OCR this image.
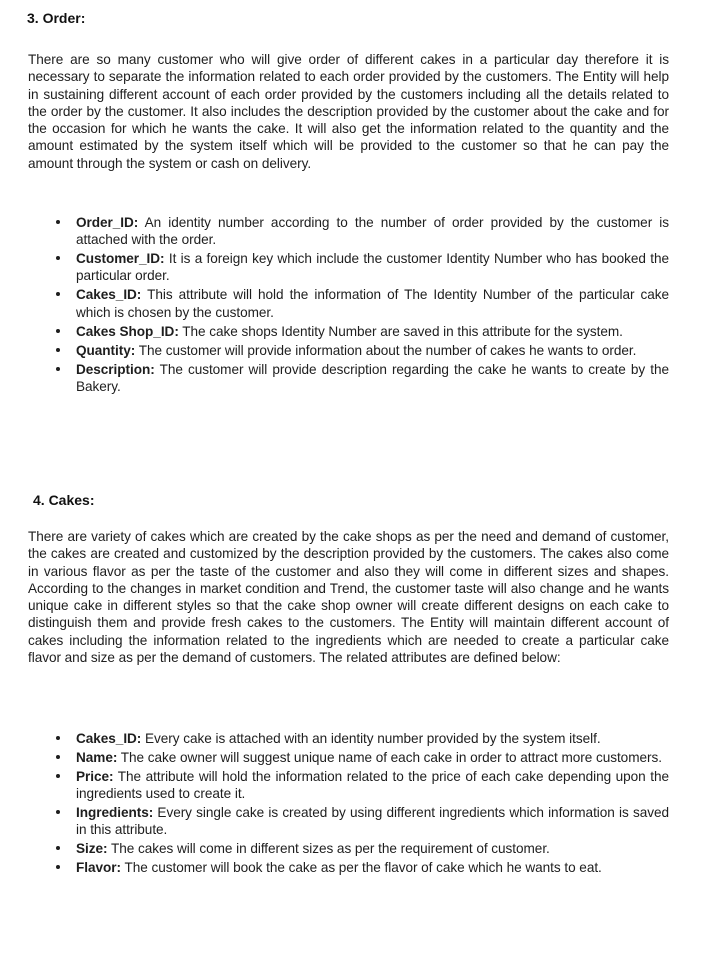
3. Order:

There are so many customer who will give order of different cakes in a particular day therefore it is necessary to separate the information related to each order provided by the customers. The Entity will help in sustaining different account of each order provided by the customers including all the details related to the order by the customer. It also includes the description provided by the customer about the cake and for the occasion for which he wants the cake. It will also get the information related to the quantity and the amount estimated by the system itself which will be provided to the customer so that he can pay the amount through the system or cash on delivery.

Order_ID: An identity number according to the number of order provided by the customer is attached with the order.
Customer_ID: It is a foreign key which include the customer Identity Number who has booked the particular order.
Cakes_ID: This attribute will hold the information of The Identity Number of the particular cake which is chosen by the customer.
Cakes Shop_ID: The cake shops Identity Number are saved in this attribute for the system.
Quantity: The customer will provide information about the number of cakes he wants to order.
Description: The customer will provide description regarding the cake he wants to create by the Bakery.
4. Cakes:

There are variety of cakes which are created by the cake shops as per the need and demand of customer, the cakes are created and customized by the description provided by the customers. The cakes also come in various flavor as per the taste of the customer and also they will come in different sizes and shapes. According to the changes in market condition and Trend, the customer taste will also change and he wants unique cake in different styles so that the cake shop owner will create different designs on each cake to distinguish them and provide fresh cakes to the customers. The Entity will maintain different account of cakes including the information related to the ingredients which are needed to create a particular cake flavor and size as per the demand of customers. The related attributes are defined below:

Cakes_ID: Every cake is attached with an identity number provided by the system itself.
Name: The cake owner will suggest unique name of each cake in order to attract more customers.
Price: The attribute will hold the information related to the price of each cake depending upon the ingredients used to create it.
Ingredients: Every single cake is created by using different ingredients which information is saved in this attribute.
Size: The cakes will come in different sizes as per the requirement of customer.
Flavor: The customer will book the cake as per the flavor of cake which he wants to eat.
